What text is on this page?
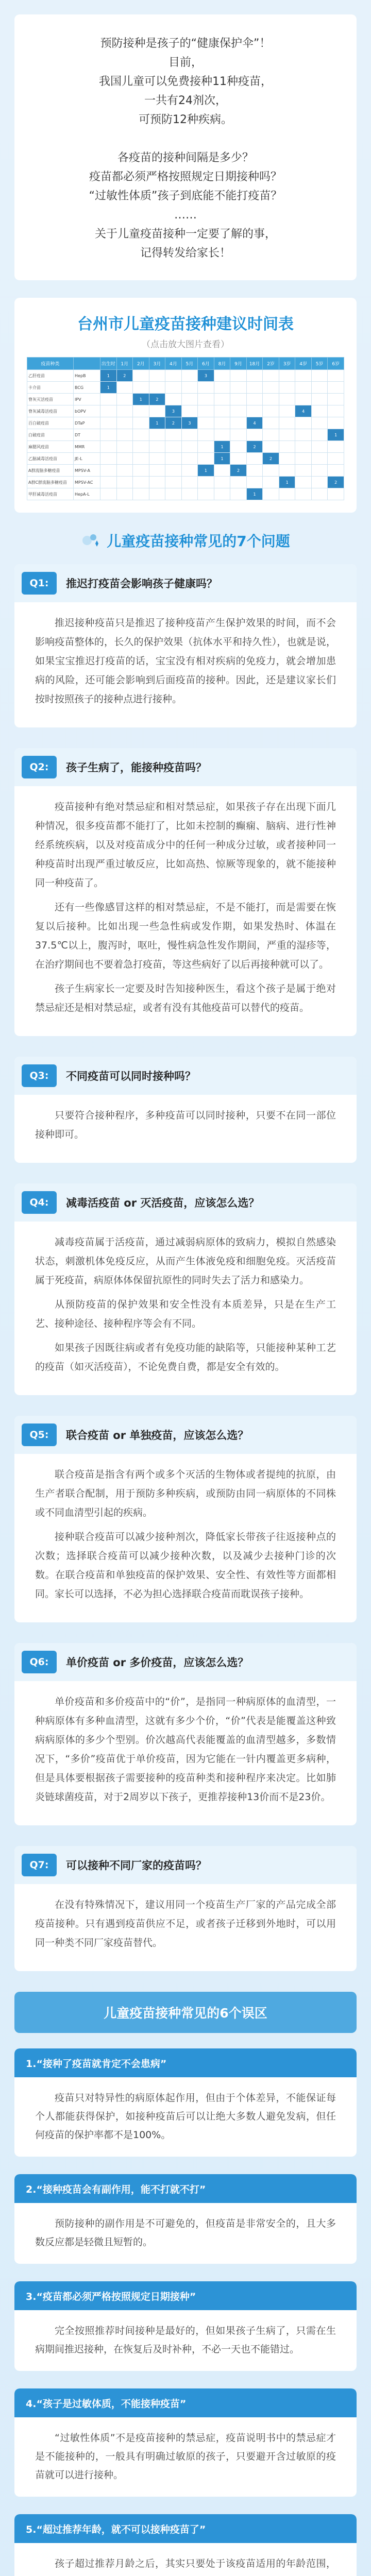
预防接种是孩子的“健康保护伞”！

目前，

我国儿童可以免费接种11种疫苗，

一共有24剂次，

可预防12种疾病。

各疫苗的接种间隔是多少？

疫苗都必须严格按照规定日期接种吗？

“过敏性体质”孩子到底能不能打疫苗？

……

关于儿童疫苗接种一定要了解的事，

记得转发给家长！

台州市儿童疫苗接种建议时间表
（点击放大图片查看）
疫苗种类		出生时	1月	2月	3月	4月	5月	6月	8月	9月	18月	2岁	3岁	4岁	5岁	6岁
乙肝疫苗	HepB	1	2					3								
卡介苗	BCG	1														
脊灰灭活疫苗	IPV			1	2											
脊灰减毒活疫苗	bOPV					3								4		
百白破疫苗	DTaP				1	2	3				4					
白破疫苗	DT															1
麻腮风疫苗	MMR								1		2					
乙脑减毒活疫苗	JE-L								1			2				
A群流脑多糖疫苗	MPSV-A							1		2						
A群C群流脑多糖疫苗	MPSV-AC												1			2
甲肝减毒活疫苗	HepA-L										1					
儿童疫苗接种常见的7个问题
Q1:	推迟打疫苗会影响孩子健康吗？

推迟接种疫苗只是推迟了接种疫苗产生保护效果的时间，而不会影响疫苗整体的，长久的保护效果（抗体水平和持久性），也就是说，如果宝宝推迟打疫苗的话，宝宝没有相对疾病的免疫力，就会增加患病的风险，还可能会影响到后面疫苗的接种。因此，还是建议家长们按时按照孩子的接种点进行接种。

Q2:	孩子生病了，能接种疫苗吗？

疫苗接种有绝对禁忌症和相对禁忌症，如果孩子存在出现下面几种情况，很多疫苗都不能打了，比如未控制的癫痫、脑病、进行性神经系统疾病，以及对疫苗成分中的任何一种成分过敏，或者接种同一种疫苗时出现严重过敏反应，比如高热、惊厥等现象的，就不能接种同一种疫苗了。

还有一些像感冒这样的相对禁忌症，不是不能打，而是需要在恢复以后接种。比如出现一些急性病或发作期，如果发热时、体温在37.5℃以上，腹泻时，呕吐，慢性病急性发作期间，严重的湿疹等，在治疗期间也不要着急打疫苗，等这些病好了以后再接种就可以了。

孩子生病家长一定要及时告知接种医生，看这个孩子是属于绝对禁忌症还是相对禁忌症，或者有没有其他疫苗可以替代的疫苗。

Q3:	不同疫苗可以同时接种吗？

只要符合接种程序，多种疫苗可以同时接种，只要不在同一部位接种即可。

Q4:	减毒活疫苗 or 灭活疫苗，应该怎么选？

减毒疫苗属于活疫苗，通过减弱病原体的致病力，模拟自然感染状态，刺激机体免疫反应，从而产生体液免疫和细胞免疫。灭活疫苗属于死疫苗，病原体体保留抗原性的同时失去了活力和感染力。

从预防疫苗的保护效果和安全性没有本质差异，只是在生产工艺、接种途径、接种程序等会有不同。

如果孩子因既往病或者有免疫功能的缺陷等，只能接种某种工艺的疫苗（如灭活疫苗），不论免费自费，都是安全有效的。

Q5:	联合疫苗 or 单独疫苗，应该怎么选？

联合疫苗是指含有两个或多个灭活的生物体或者提纯的抗原，由生产者联合配制，用于预防多种疾病，或预防由同一病原体的不同株或不同血清型引起的疾病。

接种联合疫苗可以减少接种剂次，降低家长带孩子往返接种点的次数；选择联合疫苗可以减少接种次数，以及减少去接种门诊的次数。在联合疫苗和单独疫苗的保护效果、安全性、有效性等方面都相同。家长可以选择，不必为担心选择联合疫苗而耽误孩子接种。

Q6:	单价疫苗 or 多价疫苗，应该怎么选？

单价疫苗和多价疫苗中的“价”，是指同一种病原体的血清型，一种病原体有多种血清型，这就有多少个价，“价”代表是能覆盖这种致病病原体的多少个型别。价次越高代表能覆盖的血清型越多，多数情况下，“多价”疫苗优于单价疫苗，因为它能在一针内覆盖更多病种，但是具体要根据孩子需要接种的疫苗种类和接种程序来决定。比如肺炎链球菌疫苗，对于2周岁以下孩子，更推荐接种13价而不是23价。

Q7:	可以接种不同厂家的疫苗吗？

在没有特殊情况下，建议用同一个疫苗生产厂家的产品完成全部疫苗接种。只有遇到疫苗供应不足，或者孩子迁移到外地时，可以用同一种类不同厂家疫苗替代。

儿童疫苗接种常见的6个误区
1.“接种了疫苗就肯定不会患病”

疫苗只对特异性的病原体起作用，但由于个体差异，不能保证每个人都能获得保护，如接种疫苗后可以让绝大多数人避免发病，但任何疫苗的保护率都不是100%。

2.“接种疫苗会有副作用，能不打就不打”

预防接种的副作用是不可避免的，但疫苗是非常安全的，且大多数反应都是轻微且短暂的。

3.“疫苗都必须严格按照规定日期接种”

完全按照推荐时间接种是最好的，但如果孩子生病了，只需在生病期间推迟接种，在恢复后及时补种，不必一天也不能错过。

4.“孩子是过敏体质，不能接种疫苗”

“过敏性体质”不是疫苗接种的禁忌症，疫苗说明书中的禁忌症才是不能接种的，一般具有明确过敏原的孩子，只要避开含过敏原的疫苗就可以进行接种。

5.“超过推荐年龄，就不可以接种疫苗了”

孩子超过推荐月龄之后，其实只要处于该疫苗适用的年龄范围，
